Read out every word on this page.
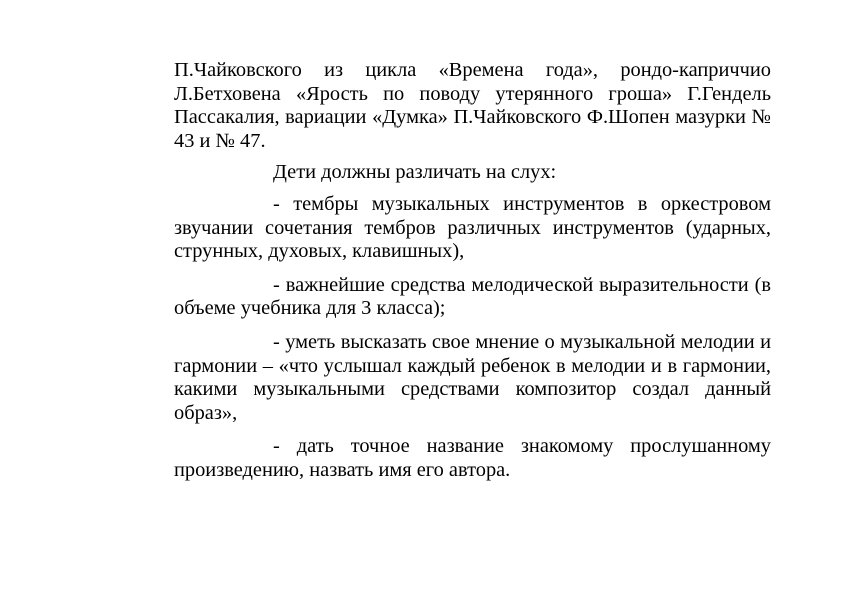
П.Чайковского из цикла «Времена года», рондо-каприччио Л.Бетховена «Ярость по поводу утерянного гроша» Г.Гендель Пассакалия, вариации «Думка» П.Чайковского Ф.Шопен мазурки № 43 и № 47.

Дети должны различать на слух:

- тембры музыкальных инструментов в оркестровом звучании сочетания тембров различных инструментов (ударных, струнных, духовых, клавишных),

- важнейшие средства мелодической выразительности (в объеме учебника для 3 класса);

- уметь высказать свое мнение о музыкальной мелодии и гармонии – «что услышал каждый ребенок в мелодии и в гармонии, какими музыкальными средствами композитор создал данный образ»,

- дать точное название знакомому прослушанному произведению, назвать имя его автора.
